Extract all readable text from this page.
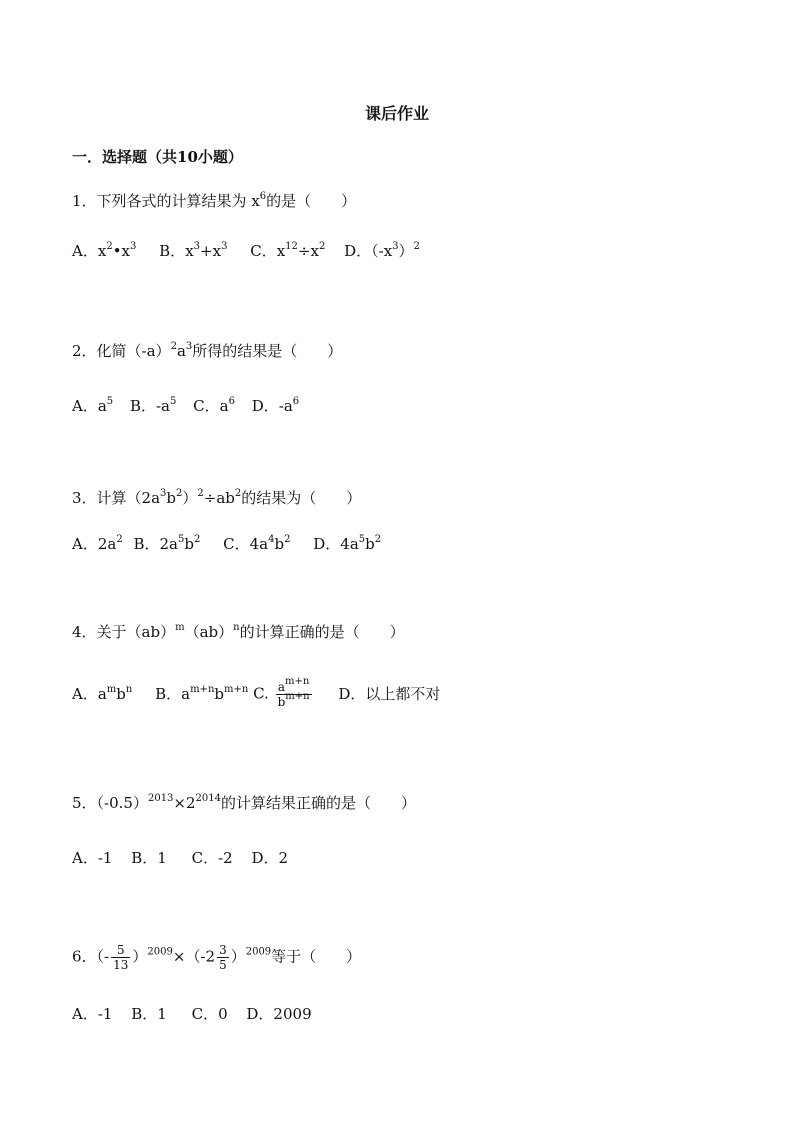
课后作业
一．选择题（共10小题）
1．下列各式的计算结果为 $x^6$的是（　　）
A．$x^2•x^3$ B．$x^3+x^3$ C．$x^{12}\div x^2$ D．$(-x^3)^2$
2．化简$(-a)^2a^3$所得的结果是（　　）
A．$a^5$ B．$-a^5$ C．$a^6$ D．$-a^6$
3．计算$(2a^3b^2)^2\div ab^2$的结果为（　　）
A．$2a^2$ B．$2a^5b^2$ C．$4a^4b^2$ D．$4a^5b^2$
4．关于（ab）$^m$（ab）$^n$的计算正确的是（　　）
A．$a^mb^n$ B．$a^{m+n}b^{m+n}$ C. $\frac{a^{m+n}}{b^{m+n}}$ D．以上都不对
5．$(-0.5)^{2013}\times 2^{2014}$的计算结果正确的是（　　）
A．-1 B．1 C．-2 D．2
6．（- $\frac{5}{13} )^{2009}\times(-2 \frac{3}{5} )^{2009}$等于（　　）
A．-1 B．1 C．0 D．2009
